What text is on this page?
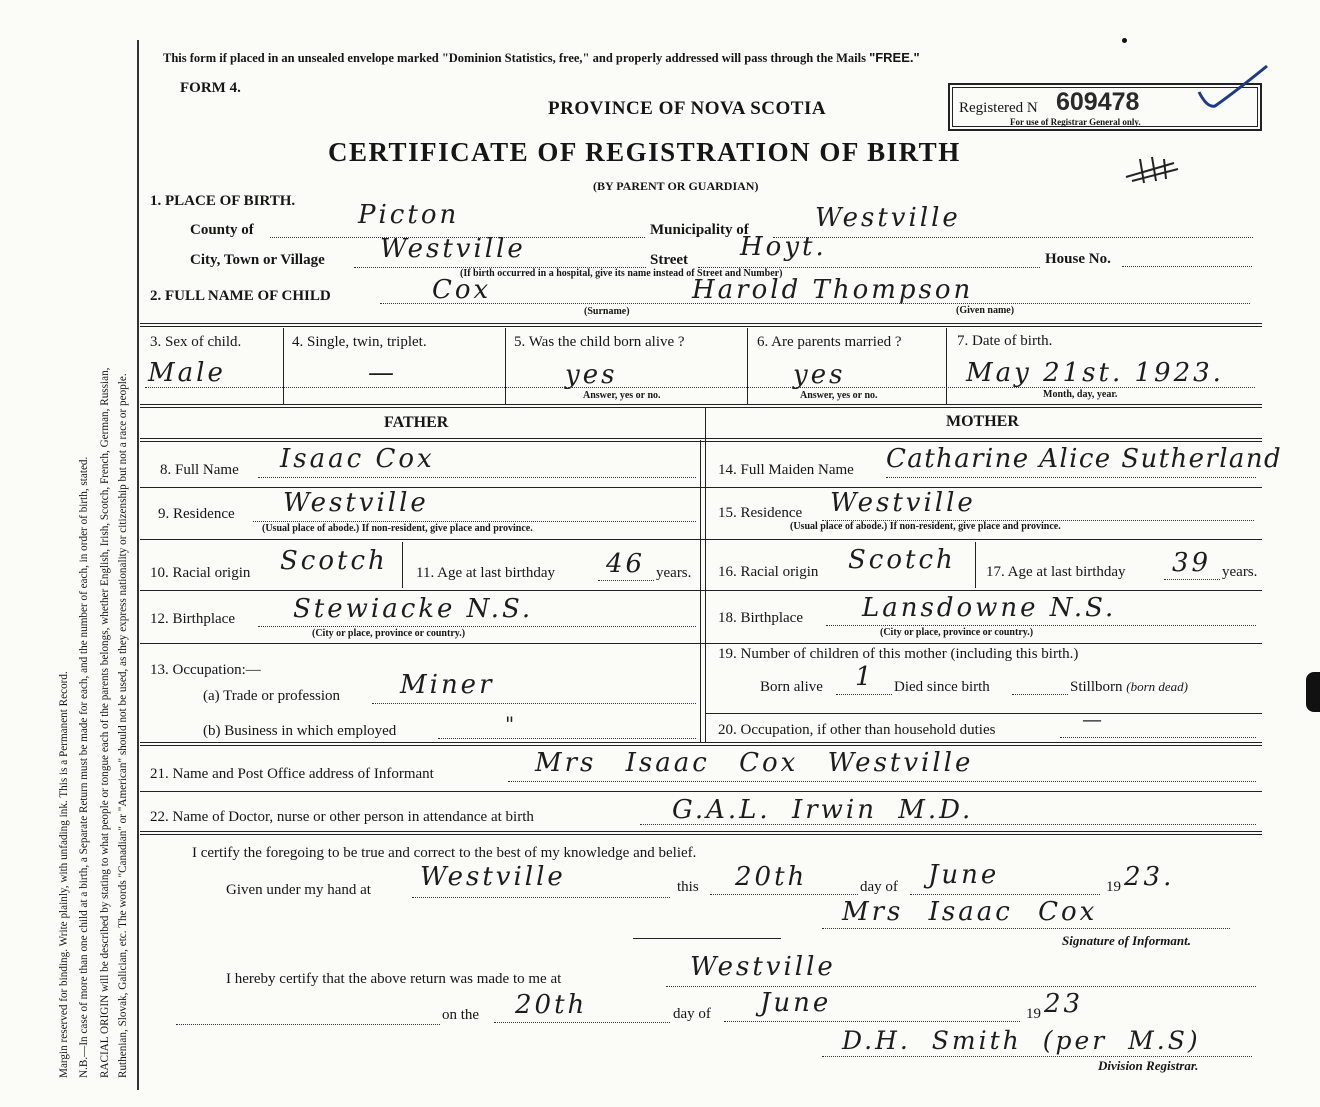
Margin reserved for binding. Write plainly, with unfading ink. This is a Permanent Record. N.B.—In case of more than one child at a birth, a Separate Return must be made for each, and the number of each, in order of birth, stated. RACIAL ORIGIN will be described by stating to what people or tongue each of the parents belongs, whether English, Irish, Scotch, French, German, Russian, Ruthenian, Slovak, Galician, etc. The words "Canadian" or "American" should not be used, as they express nationality or citizenship but not a race or people.
This form if placed in an unsealed envelope marked "Dominion Statistics, free," and properly addressed will pass through the Mails "FREE."
FORM 4.
PROVINCE OF NOVA SCOTIA
CERTIFICATE OF REGISTRATION OF BIRTH
(BY PARENT OR GUARDIAN)
Registered N 609478
For use of Registrar General only.
1. PLACE OF BIRTH.
County of	Picton	Municipality of	Westville
City, Town or Village Westville	Street Hoyt.	House No.
(If birth occurred in a hospital, give its name instead of Street and Number)
2. FULL NAME OF CHILD	Cox	Harold Thompson
(Surname)	(Given name)
3. Sex of child.
Male
4. Single, twin, triplet.
—
5. Was the child born alive ?
yes
Answer, yes or no.
6. Are parents married ?
yes
Answer, yes or no.
7. Date of birth.
May 21st. 1923.
Month, day, year.
FATHER	MOTHER
8. Full Name Isaac Cox	14. Full Maiden Name Catharine Alice Sutherland
9. Residence Westville
(Usual place of abode.) If non-resident, give place and province.
15. Residence Westville
(Usual place of abode.) If non-resident, give place and province.
10. Racial origin Scotch 11. Age at last birthday 46 years. 16. Racial origin Scotch 17. Age at last birthday 39 years.
12. Birthplace Stewiacke N.S.
(City or place, province or country.)
18. Birthplace Lansdowne N.S.
(City or place, province or country.)
13. Occupation:—
(a) Trade or profession Miner
(b) Business in which employed	"
19. Number of children of this mother (including this birth.)
Born alive 1 Died since birth	Stillborn (born dead)
20. Occupation, if other than household duties	—
21. Name and Post Office address of Informant	Mrs Isaac Cox Westville
22. Name of Doctor, nurse or other person in attendance at birth	G.A.L. Irwin M.D.
I certify the foregoing to be true and correct to the best of my knowledge and belief.
Given under my hand at Westville	this 20th	day of June	19 23.
Mrs Isaac Cox
Signature of Informant.
I hereby certify that the above return was made to me at	Westville
on the 20th	day of June	19 23
D.H. Smith (per M.S)
Division Registrar.
